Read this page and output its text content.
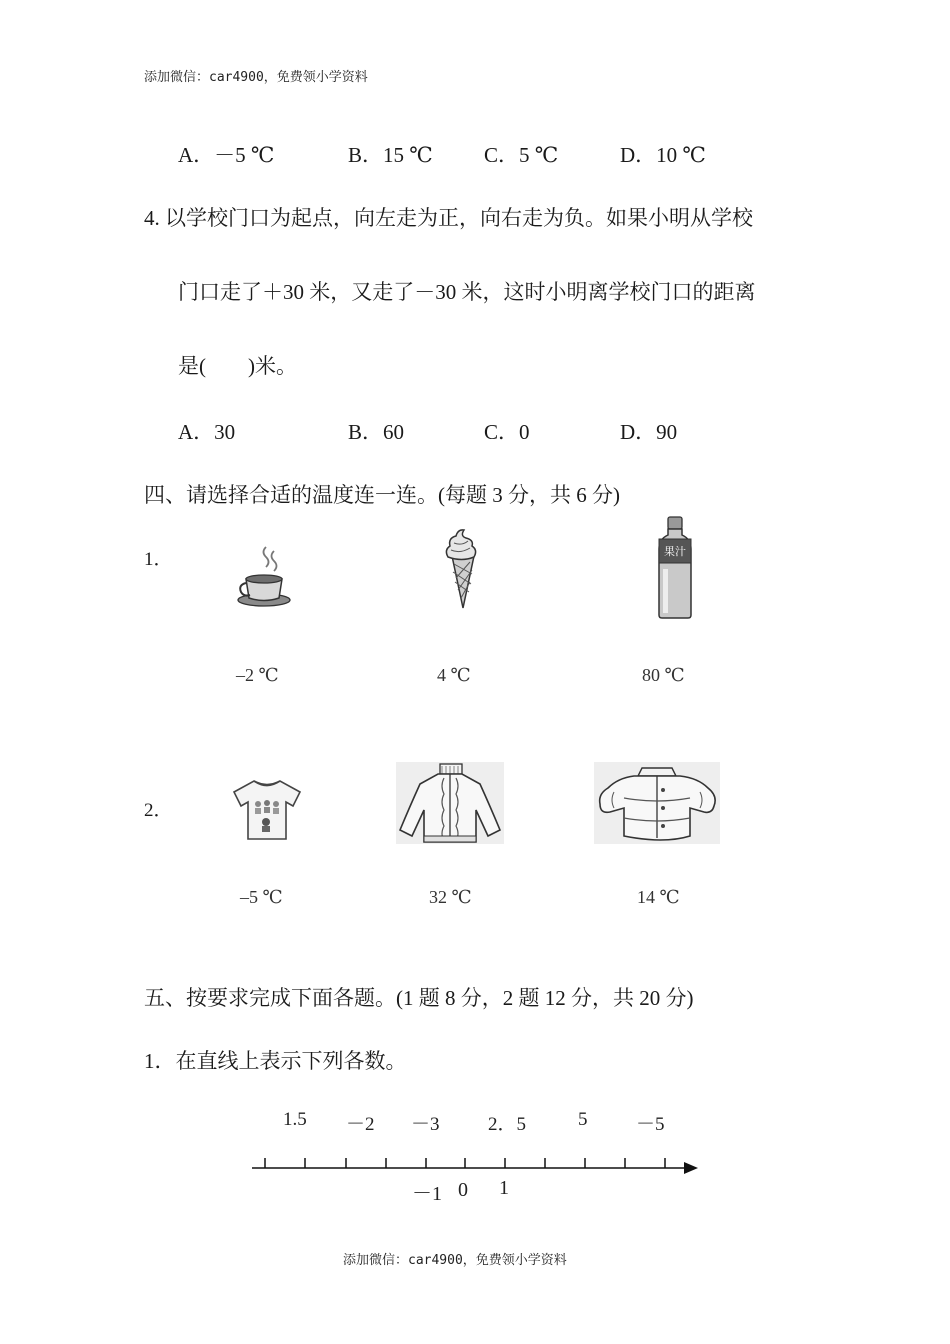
添加微信：car4900，免费领小学资料
A．－5 ℃	B．15 ℃ C．5 ℃	D．10 ℃
4. 以学校门口为起点，向左走为正，向右走为负。如果小明从学校
门口走了＋30 米，又走了－30 米，这时小明离学校门口的距离
是(　　)米。
A．30	B．60	C．0	D．90
四、请选择合适的温度连一连。(每题 3 分，共 6 分)
1．	果汁
–2 ℃	4 ℃	80 ℃
2．
–5 ℃	32 ℃	14 ℃
五、按要求完成下面各题。(1 题 8 分，2 题 12 分，共 20 分)
1．在直线上表示下列各数。
1.5 －2 －3	2．5	5	－5
－1 0 1
添加微信：car4900，免费领小学资料
